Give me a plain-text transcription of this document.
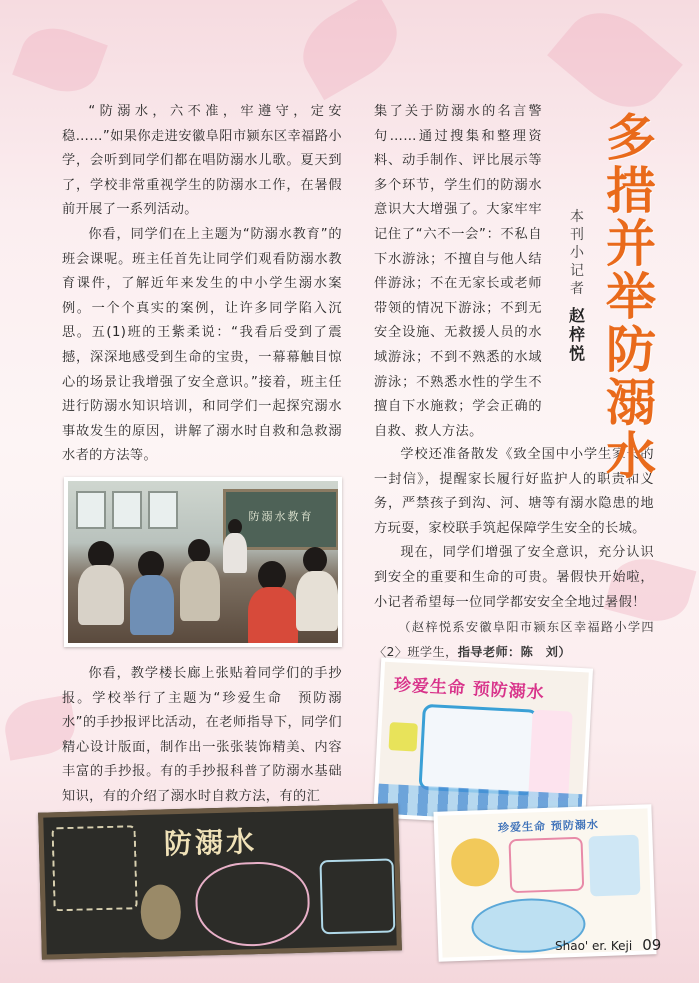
“防溺水，六不准，牢遵守，定安稳……”如果你走进安徽阜阳市颍东区幸福路小学，会听到同学们都在唱防溺水儿歌。夏天到了，学校非常重视学生的防溺水工作，在暑假前开展了一系列活动。

你看，同学们在上主题为“防溺水教育”的班会课呢。班主任首先让同学们观看防溺水教育课件，了解近年来发生的中小学生溺水案例。一个个真实的案例，让许多同学陷入沉思。五(1)班的王紫柔说：“我看后受到了震撼，深深地感受到生命的宝贵，一幕幕触目惊心的场景让我增强了安全意识。”接着，班主任进行防溺水知识培训，和同学们一起探究溺水事故发生的原因，讲解了溺水时自救和急救溺水者的方法等。

防溺水教育

你看，教学楼长廊上张贴着同学们的手抄报。学校举行了主题为“珍爱生命　预防溺水”的手抄报评比活动，在老师指导下，同学们精心设计版面，制作出一张张装饰精美、内容丰富的手抄报。有的手抄报科普了防溺水基础知识，有的介绍了溺水时自救方法，有的汇

集了关于防溺水的名言警句……通过搜集和整理资料、动手制作、评比展示等多个环节，学生们的防溺水意识大大增强了。大家牢牢记住了“六不一会”：不私自下水游泳；不擅自与他人结伴游泳；不在无家长或老师带领的情况下游泳；不到无安全设施、无救援人员的水域游泳；不到不熟悉的水域游泳；不熟悉水性的学生不擅自下水施救；学会正确的自救、救人方法。

学校还准备散发《致全国中小学生家长的一封信》，提醒家长履行好监护人的职责和义务，严禁孩子到沟、河、塘等有溺水隐患的地方玩耍，家校联手筑起保障学生安全的长城。

现在，同学们增强了安全意识，充分认识到安全的重要和生命的可贵。暑假快开始啦，小记者希望每一位同学都安安全全地过暑假！

（赵梓悦系安徽阜阳市颍东区幸福路小学四〈2〉班学生，指导老师：陈　刘）

多
措
并
举
防
溺
水
本
刊
小
记
者
赵
梓
悦
珍爱生命 预防溺水
珍爱生命 预防溺水
防溺水
Shao' er. Keji 09
